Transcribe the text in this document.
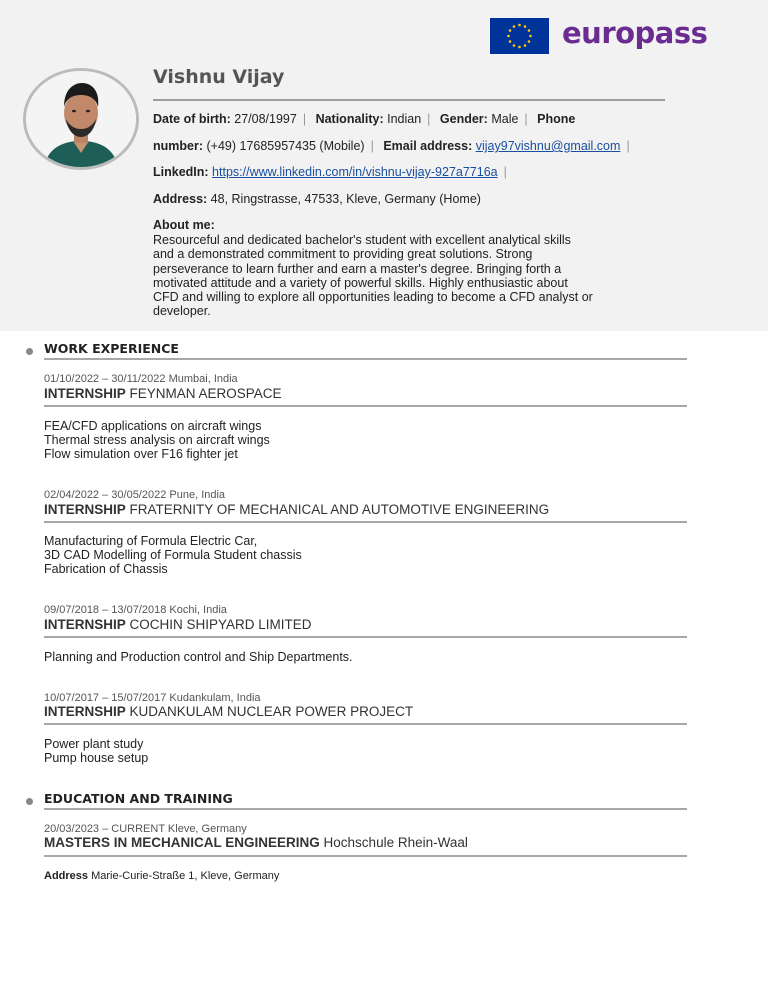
europass
Vishnu Vijay
Date of birth: 27/08/1997 | Nationality: Indian | Gender: Male | Phone
number: (+49) 17685957435 (Mobile) | Email address: vijay97vishnu@gmail.com |
LinkedIn: https://www.linkedin.com/in/vishnu-vijay-927a7716a |
Address: 48, Ringstrasse, 47533, Kleve, Germany (Home)
About me:
Resourceful and dedicated bachelor's student with excellent analytical skills
and a demonstrated commitment to providing great solutions. Strong
perseverance to learn further and earn a master's degree. Bringing forth a
motivated attitude and a variety of powerful skills. Highly enthusiastic about
CFD and willing to explore all opportunities leading to become a CFD analyst or
developer.
WORK EXPERIENCE
01/10/2022 – 30/11/2022 Mumbai, India
INTERNSHIP FEYNMAN AEROSPACE
FEA/CFD applications on aircraft wings
Thermal stress analysis on aircraft wings
Flow simulation over F16 fighter jet
02/04/2022 – 30/05/2022 Pune, India
INTERNSHIP FRATERNITY OF MECHANICAL AND AUTOMOTIVE ENGINEERING
Manufacturing of Formula Electric Car,
3D CAD Modelling of Formula Student chassis
Fabrication of Chassis
09/07/2018 – 13/07/2018 Kochi, India
INTERNSHIP COCHIN SHIPYARD LIMITED
Planning and Production control and Ship Departments.
10/07/2017 – 15/07/2017 Kudankulam, India
INTERNSHIP KUDANKULAM NUCLEAR POWER PROJECT
Power plant study
Pump house setup
EDUCATION AND TRAINING
20/03/2023 – CURRENT Kleve, Germany
MASTERS IN MECHANICAL ENGINEERING Hochschule Rhein-Waal
Address Marie-Curie-Straße 1, Kleve, Germany
